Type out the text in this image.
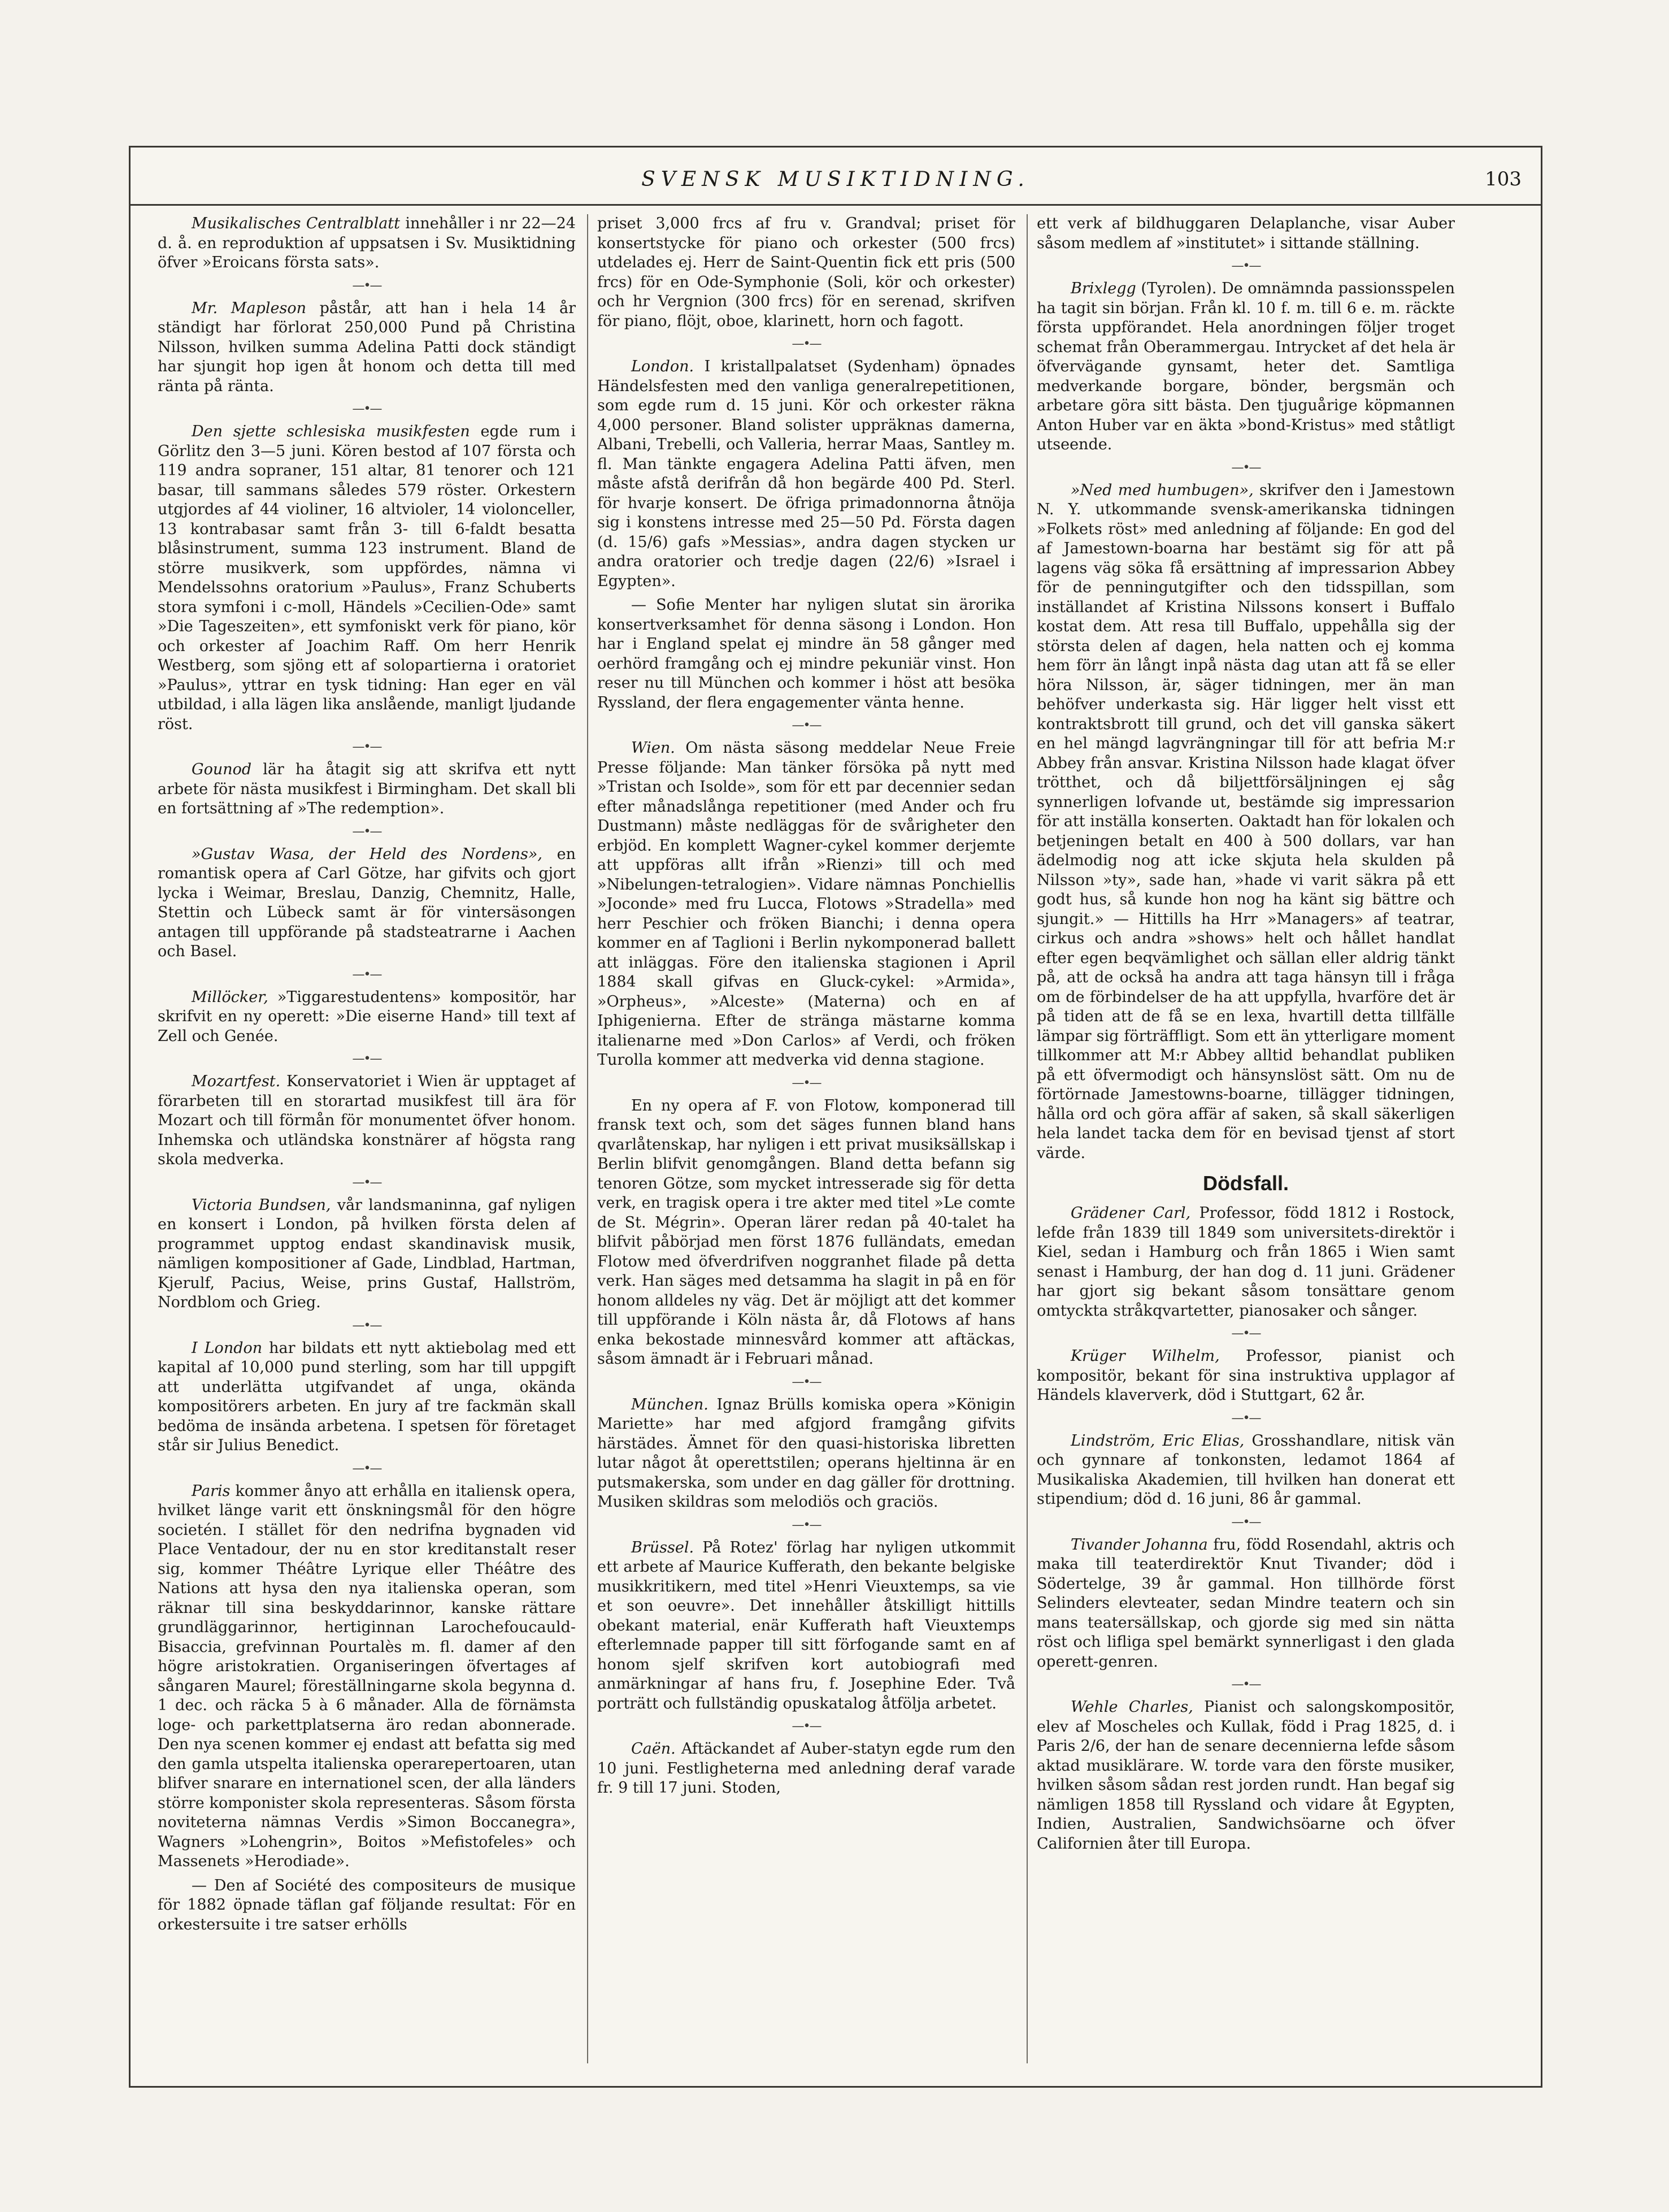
SVENSK MUSIKTIDNING.	103

Musikalisches Centralblatt innehåller i nr 22—24 d. å. en reproduktion af uppsatsen i Sv. Musiktidning öfver »Eroicans första sats».

—•—

Mr. Mapleson påstår, att han i hela 14 år ständigt har förlorat 250,000 Pund på Christina Nilsson, hvilken summa Adelina Patti dock ständigt har sjungit hop igen åt honom och detta till med ränta på ränta.

—•—

Den sjette schlesiska musikfesten egde rum i Görlitz den 3—5 juni. Kören bestod af 107 första och 119 andra sopraner, 151 altar, 81 tenorer och 121 basar, till sammans således 579 röster. Orkestern utgjordes af 44 violiner, 16 altvioler, 14 violonceller, 13 kontrabasar samt från 3- till 6-faldt besatta blåsinstrument, summa 123 instrument. Bland de större musikverk, som uppfördes, nämna vi Mendelssohns oratorium »Paulus», Franz Schuberts stora symfoni i c-moll, Händels »Cecilien-Ode» samt »Die Tageszeiten», ett symfoniskt verk för piano, kör och orkester af Joachim Raff. Om herr Henrik Westberg, som sjöng ett af solopartierna i oratoriet »Paulus», yttrar en tysk tidning: Han eger en väl utbildad, i alla lägen lika anslående, manligt ljudande röst.

—•—

Gounod lär ha åtagit sig att skrifva ett nytt arbete för nästa musikfest i Birmingham. Det skall bli en fortsättning af »The redemption».

—•—

»Gustav Wasa, der Held des Nordens», en romantisk opera af Carl Götze, har gifvits och gjort lycka i Weimar, Breslau, Danzig, Chemnitz, Halle, Stettin och Lübeck samt är för vintersäsongen antagen till uppförande på stadsteatrarne i Aachen och Basel.

—•—

Millöcker, »Tiggarestudentens» kompositör, har skrifvit en ny operett: »Die eiserne Hand» till text af Zell och Genée.

—•—

Mozartfest. Konservatoriet i Wien är upptaget af förarbeten till en storartad musikfest till ära för Mozart och till förmån för monumentet öfver honom. Inhemska och utländska konstnärer af högsta rang skola medverka.

—•—

Victoria Bundsen, vår landsmaninna, gaf nyligen en konsert i London, på hvilken första delen af programmet upptog endast skandinavisk musik, nämligen kompositioner af Gade, Lindblad, Hartman, Kjerulf, Pacius, Weise, prins Gustaf, Hallström, Nordblom och Grieg.

—•—

I London har bildats ett nytt aktiebolag med ett kapital af 10,000 pund sterling, som har till uppgift att underlätta utgifvandet af unga, okända kompositörers arbeten. En jury af tre fackmän skall bedöma de insända arbetena. I spetsen för företaget står sir Julius Benedict.

—•—

Paris kommer ånyo att erhålla en italiensk opera, hvilket länge varit ett önskningsmål för den högre societén. I stället för den nedrifna bygnaden vid Place Ventadour, der nu en stor kreditanstalt reser sig, kommer Théâtre Lyrique eller Théâtre des Nations att hysa den nya italienska operan, som räknar till sina beskyddarinnor, kanske rättare grundläggarinnor, hertiginnan Larochefoucauld-Bisaccia, grefvinnan Pourtalès m. fl. damer af den högre aristokratien. Organiseringen öfvertages af sångaren Maurel; föreställningarne skola begynna d. 1 dec. och räcka 5 à 6 månader. Alla de förnämsta loge- och parkettplatserna äro redan abonnerade. Den nya scenen kommer ej endast att befatta sig med den gamla utspelta italienska operarepertoaren, utan blifver snarare en internationel scen, der alla länders större komponister skola representeras. Såsom första noviteterna nämnas Verdis »Simon Boccanegra», Wagners »Lohengrin», Boitos »Mefistofeles» och Massenets »Herodiade».

— Den af Société des compositeurs de musique för 1882 öpnade täflan gaf följande resultat: För en orkestersuite i tre satser erhölls

priset 3,000 frcs af fru v. Grandval; priset för konsertstycke för piano och orkester (500 frcs) utdelades ej. Herr de Saint-Quentin fick ett pris (500 frcs) för en Ode-Symphonie (Soli, kör och orkester) och hr Vergnion (300 frcs) för en serenad, skrifven för piano, flöjt, oboe, klarinett, horn och fagott.

—•—

London. I kristallpalatset (Sydenham) öpnades Händelsfesten med den vanliga generalrepetitionen, som egde rum d. 15 juni. Kör och orkester räkna 4,000 personer. Bland solister uppräknas damerna, Albani, Trebelli, och Valleria, herrar Maas, Santley m. fl. Man tänkte engagera Adelina Patti äfven, men måste afstå derifrån då hon begärde 400 Pd. Sterl. för hvarje konsert. De öfriga primadonnorna åtnöja sig i konstens intresse med 25—50 Pd. Första dagen (d. 15/6) gafs »Messias», andra dagen stycken ur andra oratorier och tredje dagen (22/6) »Israel i Egypten».

— Sofie Menter har nyligen slutat sin ärorika konsertverksamhet för denna säsong i London. Hon har i England spelat ej mindre än 58 gånger med oerhörd framgång och ej mindre pekuniär vinst. Hon reser nu till München och kommer i höst att besöka Ryssland, der flera engagementer vänta henne.

—•—

Wien. Om nästa säsong meddelar Neue Freie Presse följande: Man tänker försöka på nytt med »Tristan och Isolde», som för ett par decennier sedan efter månadslånga repetitioner (med Ander och fru Dustmann) måste nedläggas för de svårigheter den erbjöd. En komplett Wagner-cykel kommer derjemte att uppföras allt ifrån »Rienzi» till och med »Nibelungen-tetralogien». Vidare nämnas Ponchiellis »Joconde» med fru Lucca, Flotows »Stradella» med herr Peschier och fröken Bianchi; i denna opera kommer en af Taglioni i Berlin nykomponerad ballett att inläggas. Före den italienska stagionen i April 1884 skall gifvas en Gluck-cykel: »Armida», »Orpheus», »Alceste» (Materna) och en af Iphigenierna. Efter de stränga mästarne komma italienarne med »Don Carlos» af Verdi, och fröken Turolla kommer att medverka vid denna stagione.

—•—

En ny opera af F. von Flotow, komponerad till fransk text och, som det säges funnen bland hans qvarlåtenskap, har nyligen i ett privat musiksällskap i Berlin blifvit genomgången. Bland detta befann sig tenoren Götze, som mycket intresserade sig för detta verk, en tragisk opera i tre akter med titel »Le comte de St. Mégrin». Operan lärer redan på 40-talet ha blifvit påbörjad men först 1876 fulländats, emedan Flotow med öfverdrifven noggranhet filade på detta verk. Han säges med detsamma ha slagit in på en för honom alldeles ny väg. Det är möjligt att det kommer till uppförande i Köln nästa år, då Flotows af hans enka bekostade minnesvård kommer att aftäckas, såsom ämnadt är i Februari månad.

—•—

München. Ignaz Brülls komiska opera »Königin Mariette» har med afgjord framgång gifvits härstädes. Ämnet för den quasi-historiska libretten lutar något åt operettstilen; operans hjeltinna är en putsmakerska, som under en dag gäller för drottning. Musiken skildras som melodiös och graciös.

—•—

Brüssel. På Rotez' förlag har nyligen utkommit ett arbete af Maurice Kufferath, den bekante belgiske musikkritikern, med titel »Henri Vieuxtemps, sa vie et son oeuvre». Det innehåller åtskilligt hittills obekant material, enär Kufferath haft Vieuxtemps efterlemnade papper till sitt förfogande samt en af honom sjelf skrifven kort autobiografi med anmärkningar af hans fru, f. Josephine Eder. Två porträtt och fullständig opuskatalog åtfölja arbetet.

—•—

Caën. Aftäckandet af Auber-statyn egde rum den 10 juni. Festligheterna med anledning deraf varade fr. 9 till 17 juni. Stoden,

ett verk af bildhuggaren Delaplanche, visar Auber såsom medlem af »institutet» i sittande ställning.

—•—

Brixlegg (Tyrolen). De omnämnda passionsspelen ha tagit sin början. Från kl. 10 f. m. till 6 e. m. räckte första uppförandet. Hela anordningen följer troget schemat från Oberammergau. Intrycket af det hela är öfvervägande gynsamt, heter det. Samtliga medverkande borgare, bönder, bergsmän och arbetare göra sitt bästa. Den tjuguårige köpmannen Anton Huber var en äkta »bond-Kristus» med ståtligt utseende.

—•—

»Ned med humbugen», skrifver den i Jamestown N. Y. utkommande svensk-amerikanska tidningen »Folkets röst» med anledning af följande: En god del af Jamestown-boarna har bestämt sig för att på lagens väg söka få ersättning af impressarion Abbey för de penningutgifter och den tidsspillan, som inställandet af Kristina Nilssons konsert i Buffalo kostat dem. Att resa till Buffalo, uppehålla sig der största delen af dagen, hela natten och ej komma hem förr än långt inpå nästa dag utan att få se eller höra Nilsson, är, säger tidningen, mer än man behöfver underkasta sig. Här ligger helt visst ett kontraktsbrott till grund, och det vill ganska säkert en hel mängd lagvrängningar till för att befria M:r Abbey från ansvar. Kristina Nilsson hade klagat öfver trötthet, och då biljettförsäljningen ej såg synnerligen lofvande ut, bestämde sig impressarion för att inställa konserten. Oaktadt han för lokalen och betjeningen betalt en 400 à 500 dollars, var han ädelmodig nog att icke skjuta hela skulden på Nilsson »ty», sade han, »hade vi varit säkra på ett godt hus, så kunde hon nog ha känt sig bättre och sjungit.» — Hittills ha Hrr »Managers» af teatrar, cirkus och andra »shows» helt och hållet handlat efter egen beqvämlighet och sällan eller aldrig tänkt på, att de också ha andra att taga hänsyn till i fråga om de förbindelser de ha att uppfylla, hvarföre det är på tiden att de få se en lexa, hvartill detta tillfälle lämpar sig förträffligt. Som ett än ytterligare moment tillkommer att M:r Abbey alltid behandlat publiken på ett öfvermodigt och hänsynslöst sätt. Om nu de förtörnade Jamestowns-boarne, tillägger tidningen, hålla ord och göra affär af saken, så skall säkerligen hela landet tacka dem för en bevisad tjenst af stort värde.

Dödsfall.

Grädener Carl, Professor, född 1812 i Rostock, lefde från 1839 till 1849 som universitets-direktör i Kiel, sedan i Hamburg och från 1865 i Wien samt senast i Hamburg, der han dog d. 11 juni. Grädener har gjort sig bekant såsom tonsättare genom omtyckta stråkqvartetter, pianosaker och sånger.

—•—

Krüger Wilhelm, Professor, pianist och kompositör, bekant för sina instruktiva upplagor af Händels klaververk, död i Stuttgart, 62 år.

—•—

Lindström, Eric Elias, Grosshandlare, nitisk vän och gynnare af tonkonsten, ledamot 1864 af Musikaliska Akademien, till hvilken han donerat ett stipendium; död d. 16 juni, 86 år gammal.

—•—

Tivander Johanna fru, född Rosendahl, aktris och maka till teaterdirektör Knut Tivander; död i Södertelge, 39 år gammal. Hon tillhörde först Selinders elevteater, sedan Mindre teatern och sin mans teatersällskap, och gjorde sig med sin nätta röst och lifliga spel bemärkt synnerligast i den glada operett-genren.

—•—

Wehle Charles, Pianist och salongskompositör, elev af Moscheles och Kullak, född i Prag 1825, d. i Paris 2/6, der han de senare decennierna lefde såsom aktad musiklärare. W. torde vara den förste musiker, hvilken såsom sådan rest jorden rundt. Han begaf sig nämligen 1858 till Ryssland och vidare åt Egypten, Indien, Australien, Sandwichsöarne och öfver Californien åter till Europa.
